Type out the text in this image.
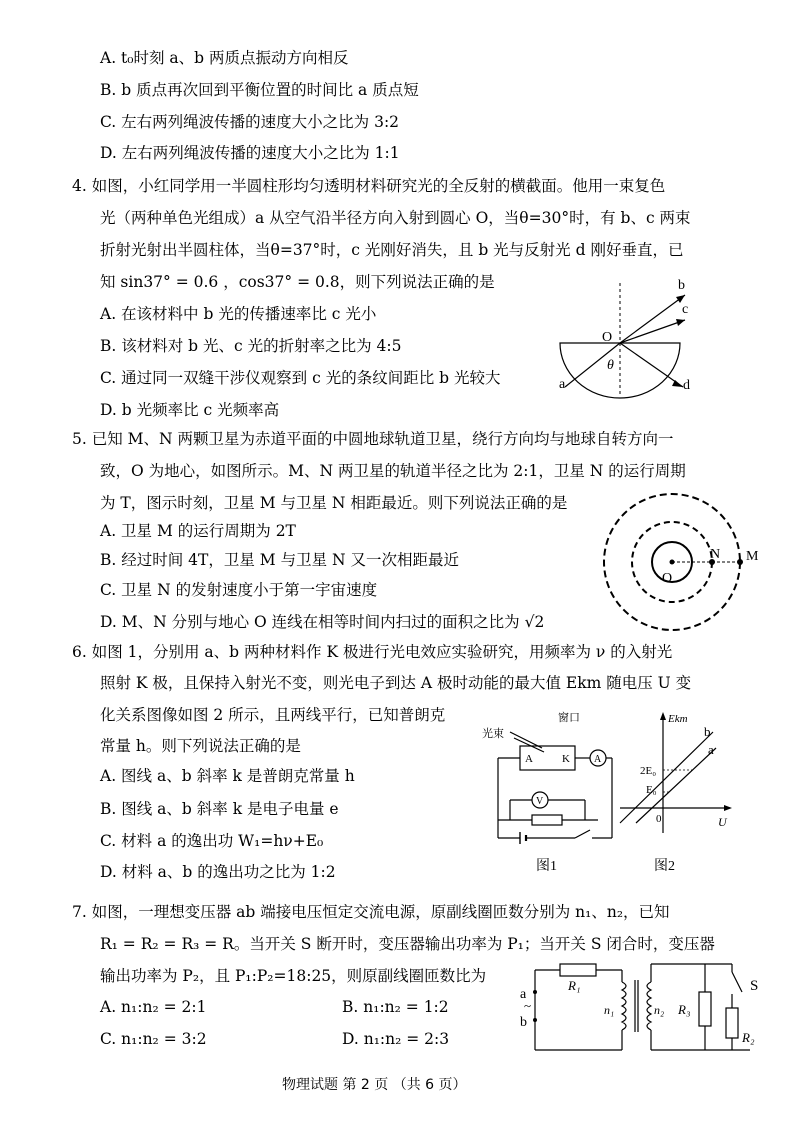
A. t₀时刻 a、b 两质点振动方向相反
B. b 质点再次回到平衡位置的时间比 a 质点短
C. 左右两列绳波传播的速度大小之比为 3:2
D. 左右两列绳波传播的速度大小之比为 1:1
4. 如图，小红同学用一半圆柱形均匀透明材料研究光的全反射的横截面。他用一束复色
光（两种单色光组成）a 从空气沿半径方向入射到圆心 O，当θ=30°时，有 b、c 两束
折射光射出半圆柱体，当θ=37°时，c 光刚好消失，且 b 光与反射光 d 刚好垂直，已
知 sin37° = 0.6 ，cos37° = 0.8，则下列说法正确的是
A. 在该材料中 b 光的传播速率比 c 光小
B. 该材料对 b 光、c 光的折射率之比为 4:5
C. 通过同一双缝干涉仪观察到 c 光的条纹间距比 b 光较大
D. b 光频率比 c 光频率高
b
c
O
θ
a	d
5. 已知 M、N 两颗卫星为赤道平面的中圆地球轨道卫星，绕行方向均与地球自转方向一
致，O 为地心，如图所示。M、N 两卫星的轨道半径之比为 2:1，卫星 N 的运行周期
为 T，图示时刻，卫星 M 与卫星 N 相距最近。则下列说法正确的是
A. 卫星 M 的运行周期为 2T
B. 经过时间 4T，卫星 M 与卫星 N 又一次相距最近
C. 卫星 N 的发射速度小于第一宇宙速度
D. M、N 分别与地心 O 连线在相等时间内扫过的面积之比为 √2
O
N M
6. 如图 1，分别用 a、b 两种材料作 K 极进行光电效应实验研究，用频率为 ν 的入射光
照射 K 极，且保持入射光不变，则光电子到达 A 极时动能的最大值 Ekm 随电压 U 变
化关系图像如图 2 所示，且两线平行，已知普朗克
常量 h。则下列说法正确的是
A. 图线 a、b 斜率 k 是普朗克常量 h
B. 图线 a、b 斜率 k 是电子电量 e
C. 材料 a 的逸出功 W₁=hν+E₀
D. 材料 a、b 的逸出功之比为 1:2
窗口
光束
A	K A
V
图1
Ekm
b
a
2E₀
E₀
0	U
图2
7. 如图，一理想变压器 ab 端接电压恒定交流电源，原副线圈匝数分别为 n₁、n₂，已知
R₁ = R₂ = R₃ = R。当开关 S 断开时，变压器输出功率为 P₁；当开关 S 闭合时，变压器
输出功率为 P₂，且 P₁:P₂=18:25，则原副线圈匝数比为
A. n₁:n₂ = 2:1	B. n₁:n₂ = 1:2
C. n₁:n₂ = 3:2	D. n₁:n₂ = 2:3
R₁
a
~
b
n₁	n₂ R₃
S
R₂
物理试题 第 2 页 （共 6 页）
